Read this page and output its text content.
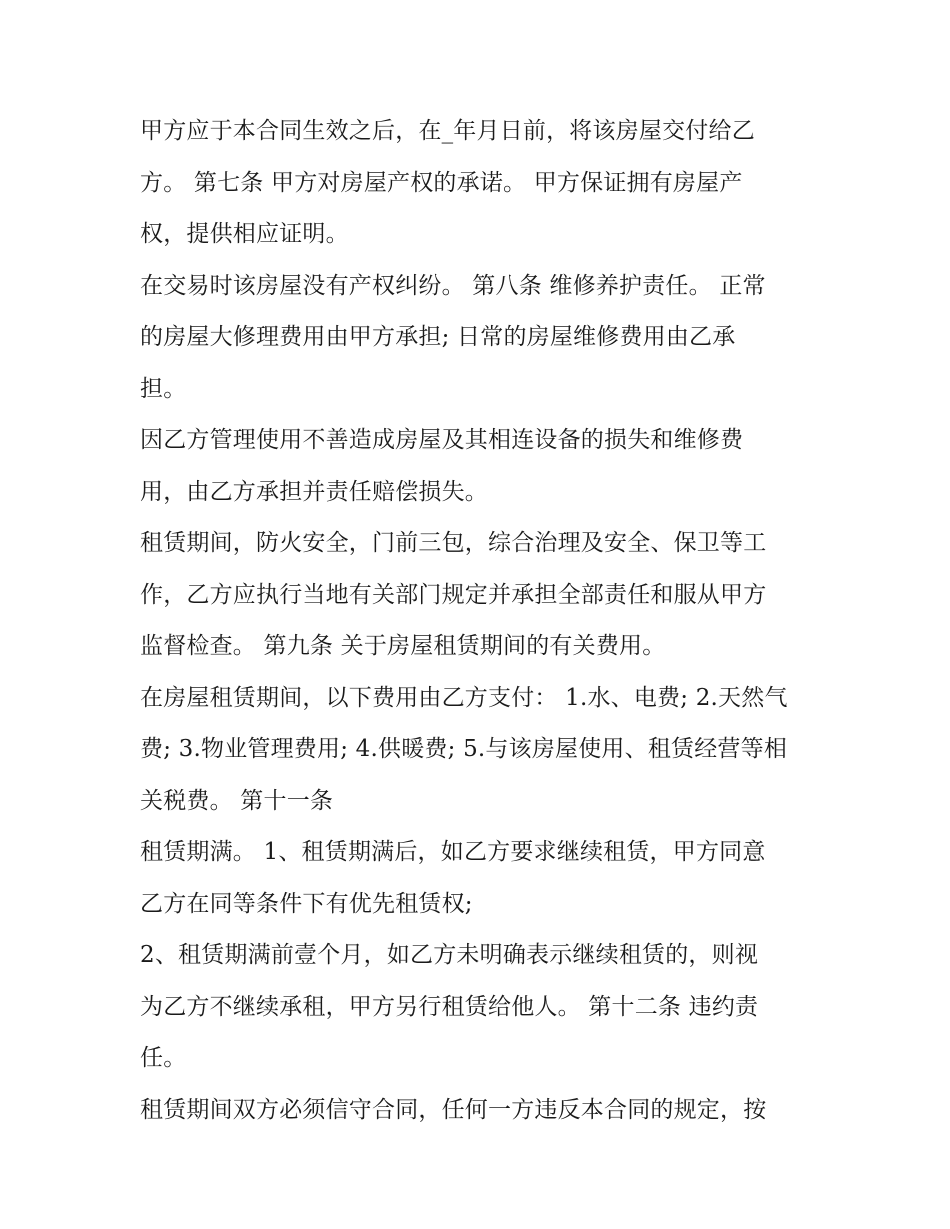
甲方应于本合同生效之后，在_年月日前，将该房屋交付给乙
方。 第七条 甲方对房屋产权的承诺。 甲方保证拥有房屋产
权，提供相应证明。

在交易时该房屋没有产权纠纷。 第八条 维修养护责任。 正常
的房屋大修理费用由甲方承担; 日常的房屋维修费用由乙承
担。

因乙方管理使用不善造成房屋及其相连设备的损失和维修费
用，由乙方承担并责任赔偿损失。

租赁期间，防火安全，门前三包，综合治理及安全、保卫等工
作，乙方应执行当地有关部门规定并承担全部责任和服从甲方
监督检查。 第九条 关于房屋租赁期间的有关费用。

在房屋租赁期间，以下费用由乙方支付： 1.水、电费; 2.天然气
费; 3.物业管理费用; 4.供暖费; 5.与该房屋使用、租赁经营等相
关税费。 第十一条

租赁期满。 1、租赁期满后，如乙方要求继续租赁，甲方同意
乙方在同等条件下有优先租赁权;

2、租赁期满前壹个月，如乙方未明确表示继续租赁的，则视
为乙方不继续承租，甲方另行租赁给他人。 第十二条 违约责
任。

租赁期间双方必须信守合同，任何一方违反本合同的规定，按
